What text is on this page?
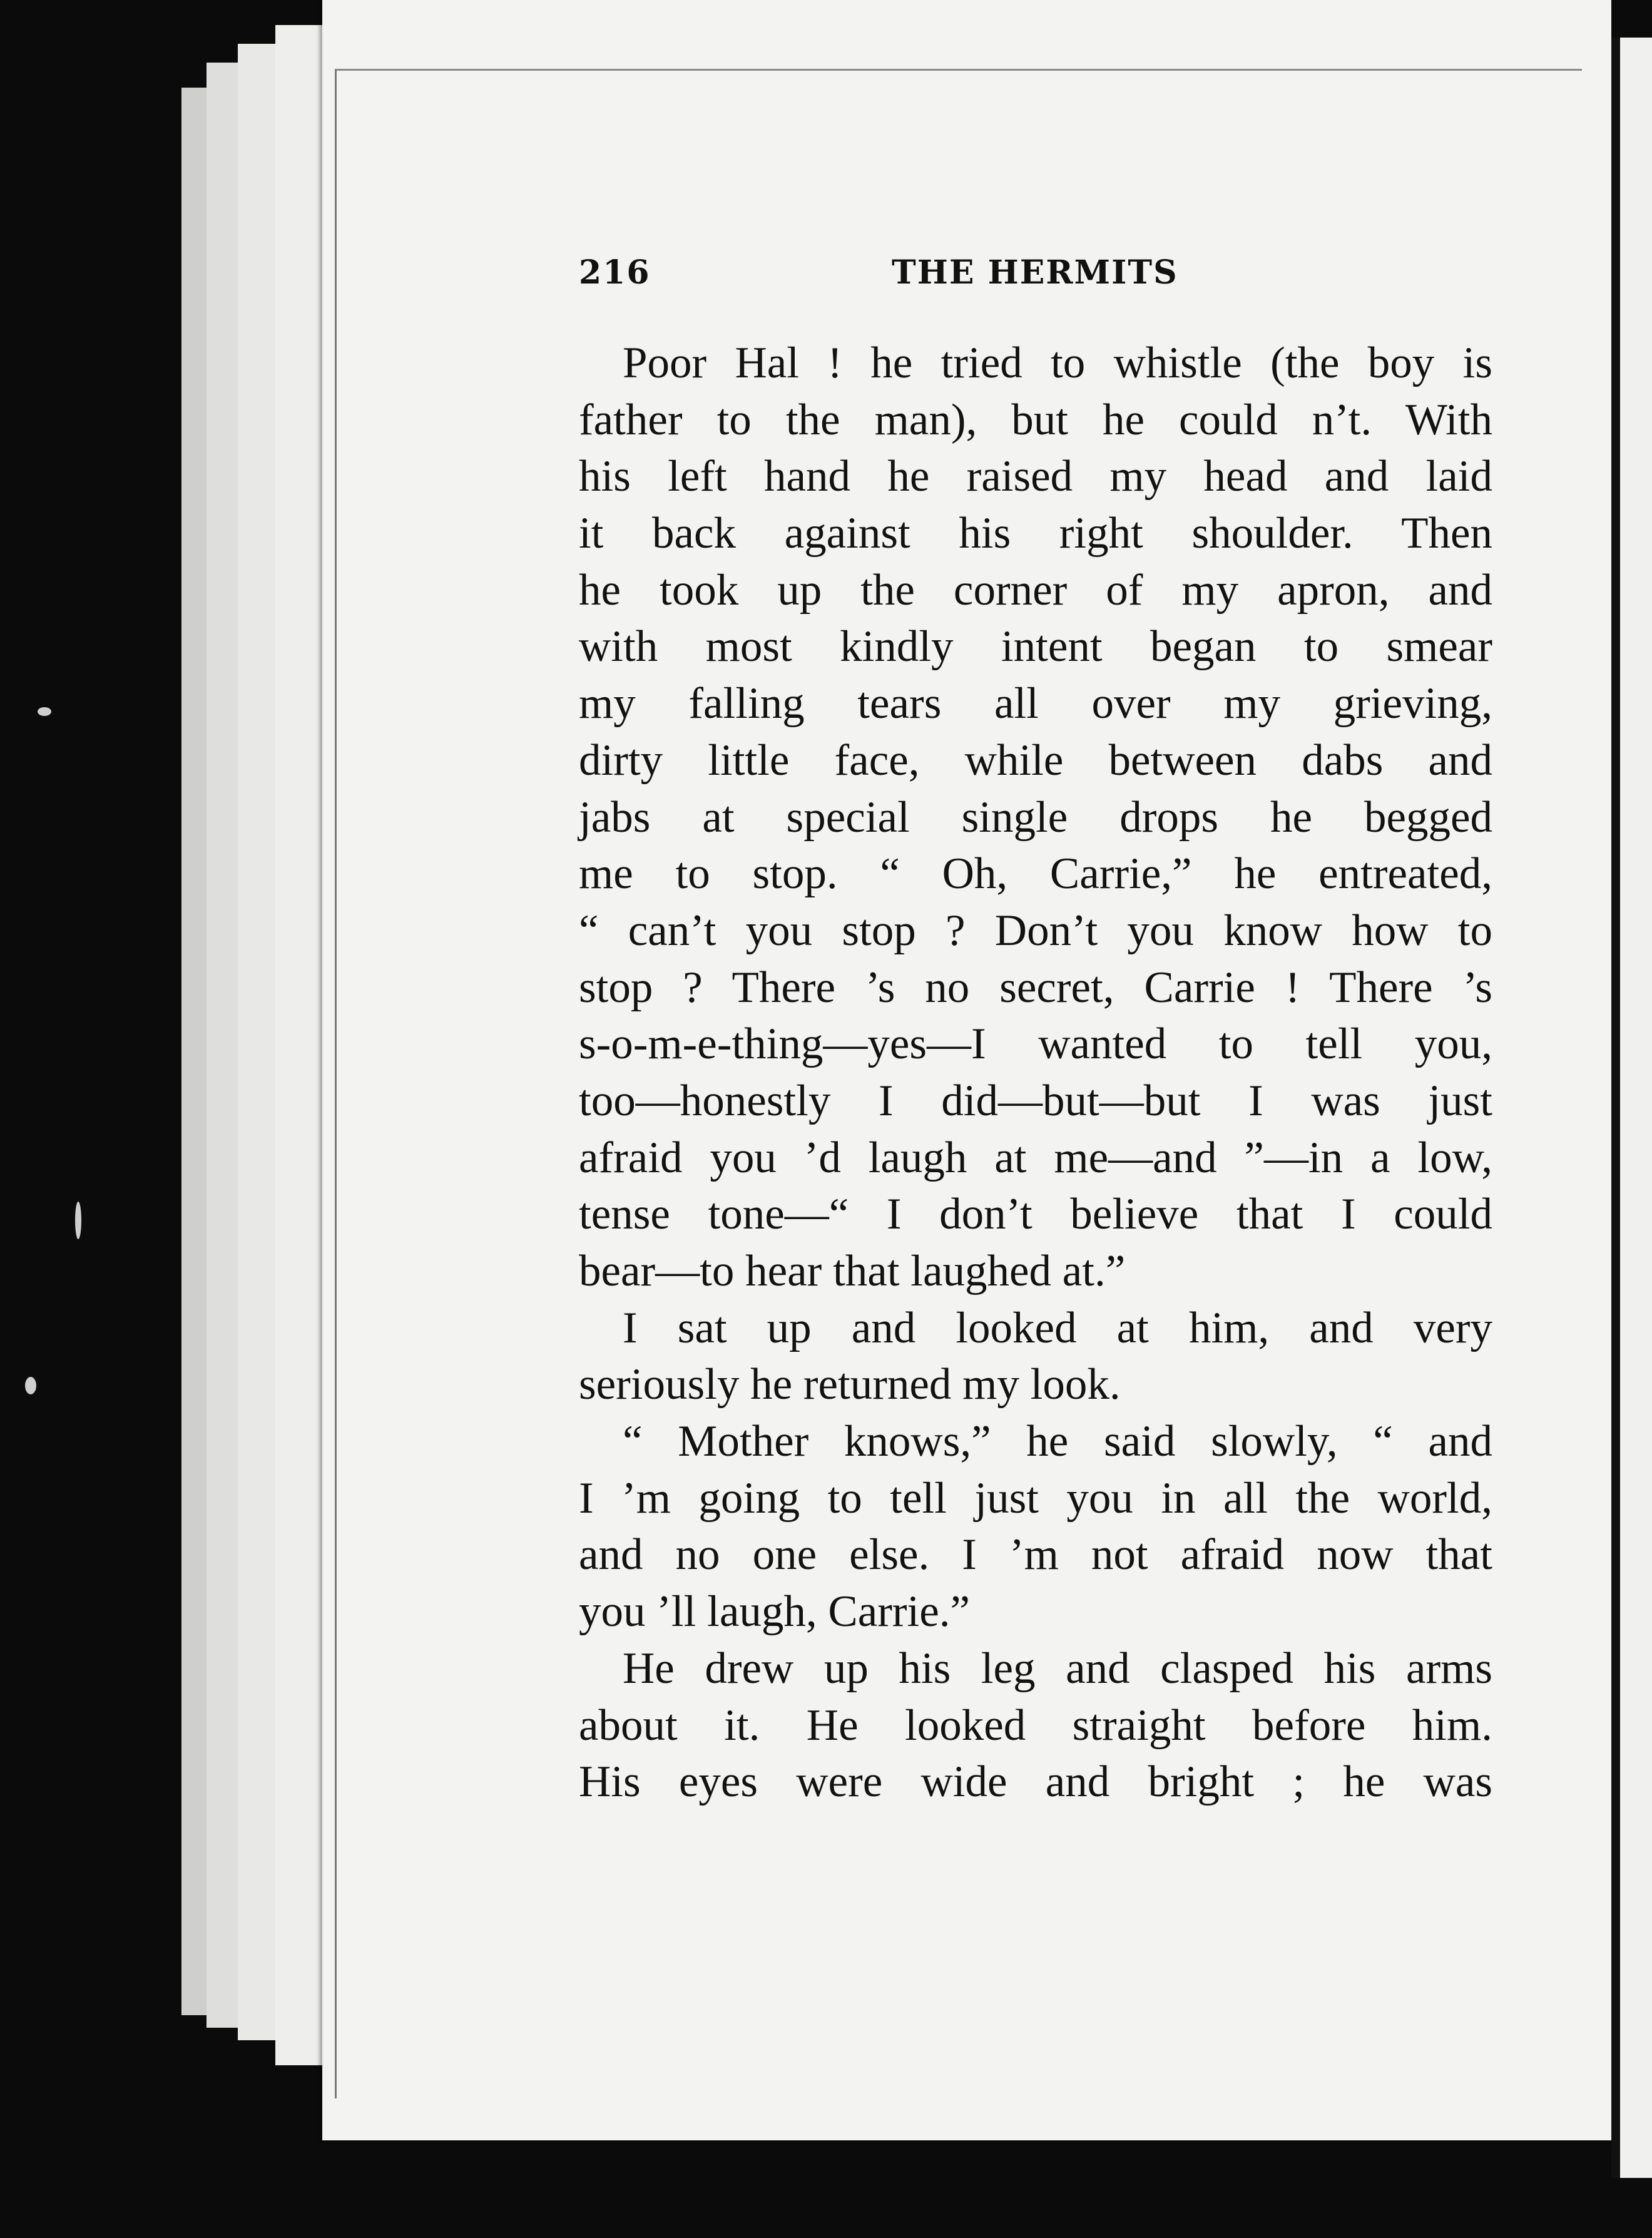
216	THE HERMITS
Poor Hal ! he tried to whistle (the boy is
father to the man), but he could n’t. With
his left hand he raised my head and laid
it back against his right shoulder. Then
he took up the corner of my apron, and
with most kindly intent began to smear
my falling tears all over my grieving,
dirty little face, while between dabs and
jabs at special single drops he begged
me to stop. “ Oh, Carrie,” he entreated,
“ can’t you stop ? Don’t you know how to
stop ? There ’s no secret, Carrie ! There ’s
s-o-m-e-thing—yes—I wanted to tell you,
too—honestly I did—but—but I was just
afraid you ’d laugh at me—and ”—in a low,
tense tone—“ I don’t believe that I could
bear—to hear that laughed at.”
I sat up and looked at him, and very
seriously he returned my look.
“ Mother knows,” he said slowly, “ and
I ’m going to tell just you in all the world,
and no one else. I ’m not afraid now that
you ’ll laugh, Carrie.”
He drew up his leg and clasped his arms
about it. He looked straight before him.
His eyes were wide and bright ; he was
